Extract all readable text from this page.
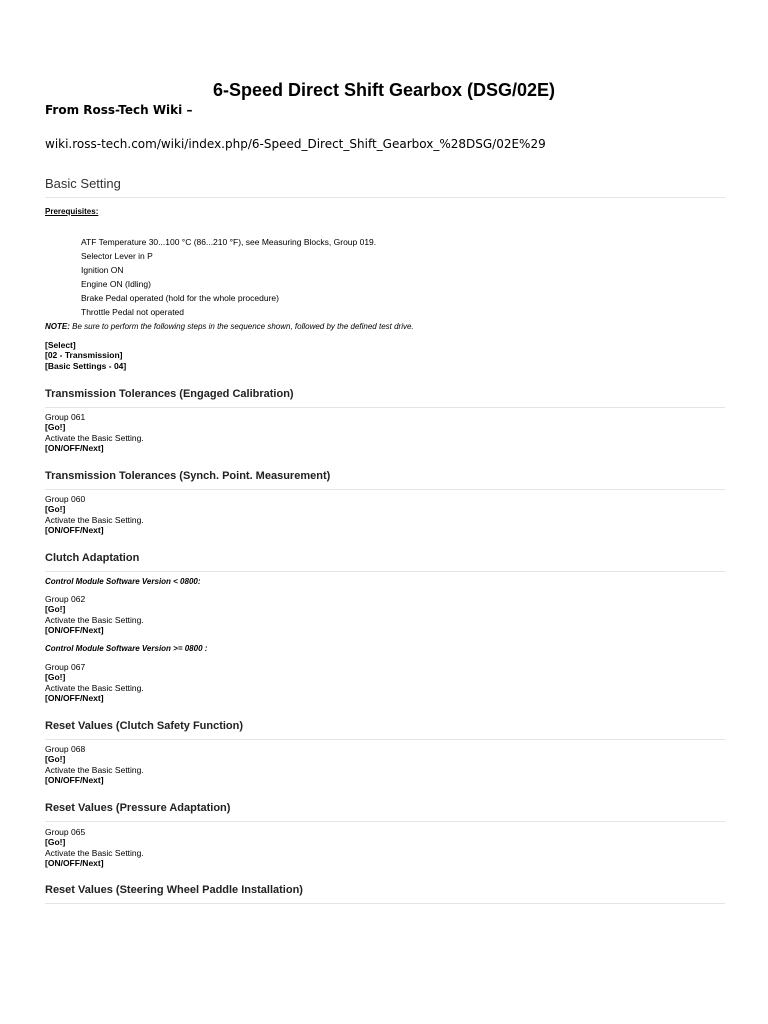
6-Speed Direct Shift Gearbox (DSG/02E)
From Ross-Tech Wiki –
wiki.ross-tech.com/wiki/index.php/6-Speed_Direct_Shift_Gearbox_%28DSG/02E%29
Basic Setting
Prerequisites:
ATF Temperature 30...100 °C (86...210 °F), see Measuring Blocks, Group 019.
Selector Lever in P
Ignition ON
Engine ON (Idling)
Brake Pedal operated (hold for the whole procedure)
Throttle Pedal not operated
NOTE: Be sure to perform the following steps in the sequence shown, followed by the defined test drive.
[Select]
[02 - Transmission]
[Basic Settings - 04]
Transmission Tolerances (Engaged Calibration)
Group 061
[Go!]
Activate the Basic Setting.
[ON/OFF/Next]
Transmission Tolerances (Synch. Point. Measurement)
Group 060
[Go!]
Activate the Basic Setting.
[ON/OFF/Next]
Clutch Adaptation
Control Module Software Version < 0800:
Group 062
[Go!]
Activate the Basic Setting.
[ON/OFF/Next]
Control Module Software Version >= 0800 :
Group 067
[Go!]
Activate the Basic Setting.
[ON/OFF/Next]
Reset Values (Clutch Safety Function)
Group 068
[Go!]
Activate the Basic Setting.
[ON/OFF/Next]
Reset Values (Pressure Adaptation)
Group 065
[Go!]
Activate the Basic Setting.
[ON/OFF/Next]
Reset Values (Steering Wheel Paddle Installation)
